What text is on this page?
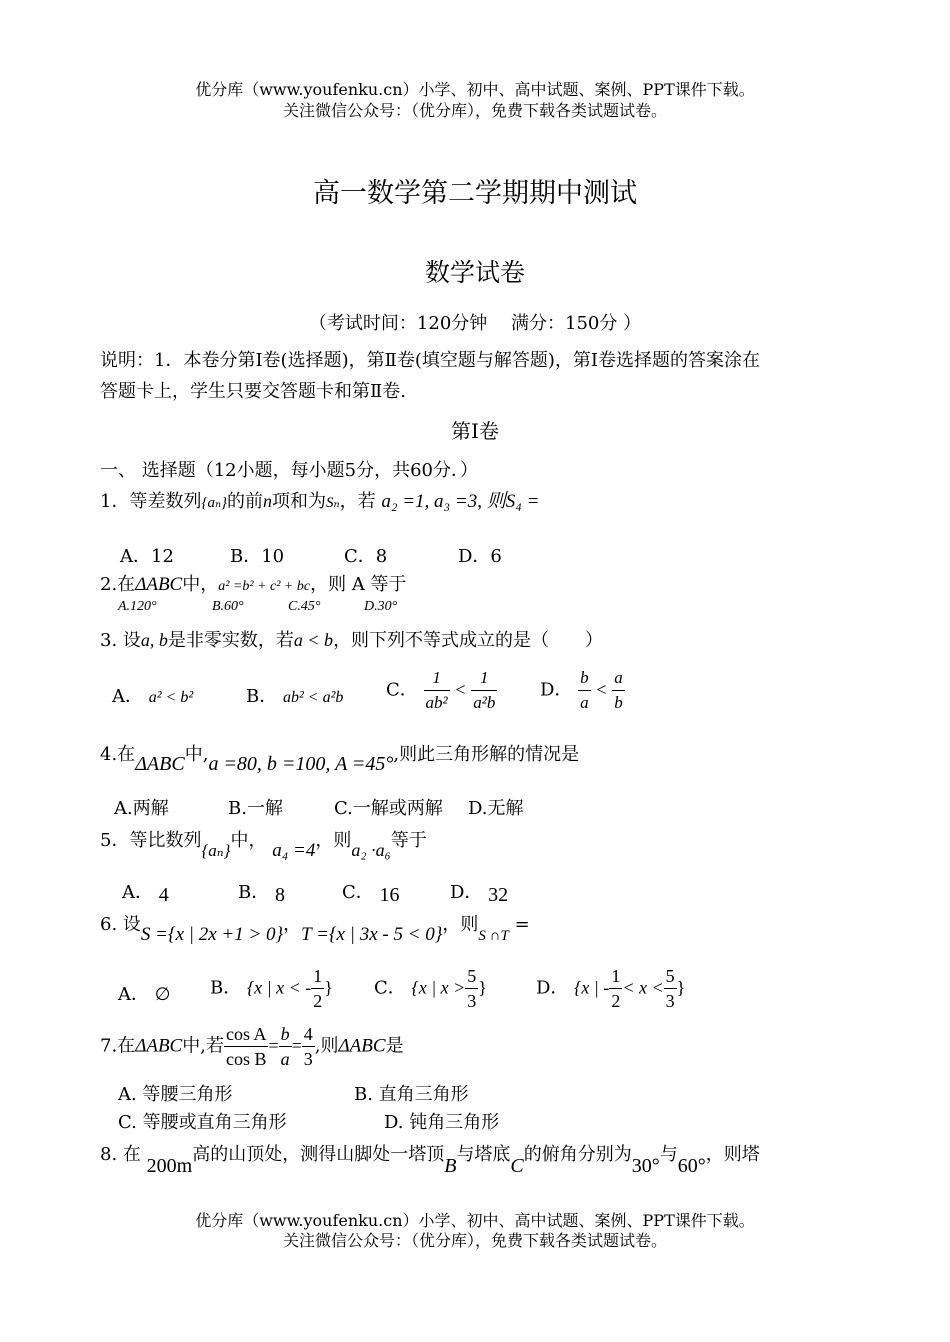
优分库（www.youfenku.cn）小学、初中、高中试题、案例、PPT课件下载。
关注微信公众号：（优分库），免费下载各类试题试卷。
高一数学第二学期期中测试
数学试卷
（考试时间：120分钟　 满分：150分 ）
说明：1．本卷分第Ⅰ卷(选择题)，第Ⅱ卷(填空题与解答题)，第Ⅰ卷选择题的答案涂在
答题卡上，学生只要交答题卡和第Ⅱ卷.
第Ⅰ卷
一、 选择题（12小题，每小题5分，共60分．）
1．等差数列{aₙ}的前n项和为Sₙ，若 a₂ =1, a₃ =3, 则S₄ =
A．12	B．10	C．8	D．6
2.在ΔABC中，a² =b² + c² + bc，则 A 等于
A.120°	B.60°	C.45°	D.30°
3. 设a, b是非零实数，若a < b，则下列不等式成立的是（　　）
A． a² < b²	B． ab² < a²b C． $\frac{1}{\text{ab²}} < \frac{1}{\text{a²b}}$ D． $\frac{b}{a} < \frac{a}{b}$
4.在ΔABC中,a =80, b =100, A =45°,则此三角形解的情况是
A.两解	B.一解	C.一解或两解 D.无解
5．等比数列{aₙ}中， a₄ =4，则a₂ ·a₆等于
A． 4	B． 8	C． 16	D． 32
6. 设S ={x | 2x +1 > 0}，T ={x | 3x - 5 < 0}，则$_{S \cap T}$ =
A． ∅ B． {x | x < - $\frac{1}{2}$ } C． {x | $x > \frac{5}{3}$ }	D． {x | - $\frac{1}{2} < x < \frac{5}{3}$ }
7.在ΔABC中,若 $\frac{\text{cos A}}{\text{cos B}} = \frac{b}{a} = \frac{4}{3}$ ,则ΔABC是
A. 等腰三角形	B. 直角三角形
C. 等腰或直角三角形	D. 钝角三角形
8. 在 200m高的山顶处，测得山脚处一塔顶B与塔底C的俯角分别为30°与60°，则塔
优分库（www.youfenku.cn）小学、初中、高中试题、案例、PPT课件下载。
关注微信公众号：（优分库），免费下载各类试题试卷。
